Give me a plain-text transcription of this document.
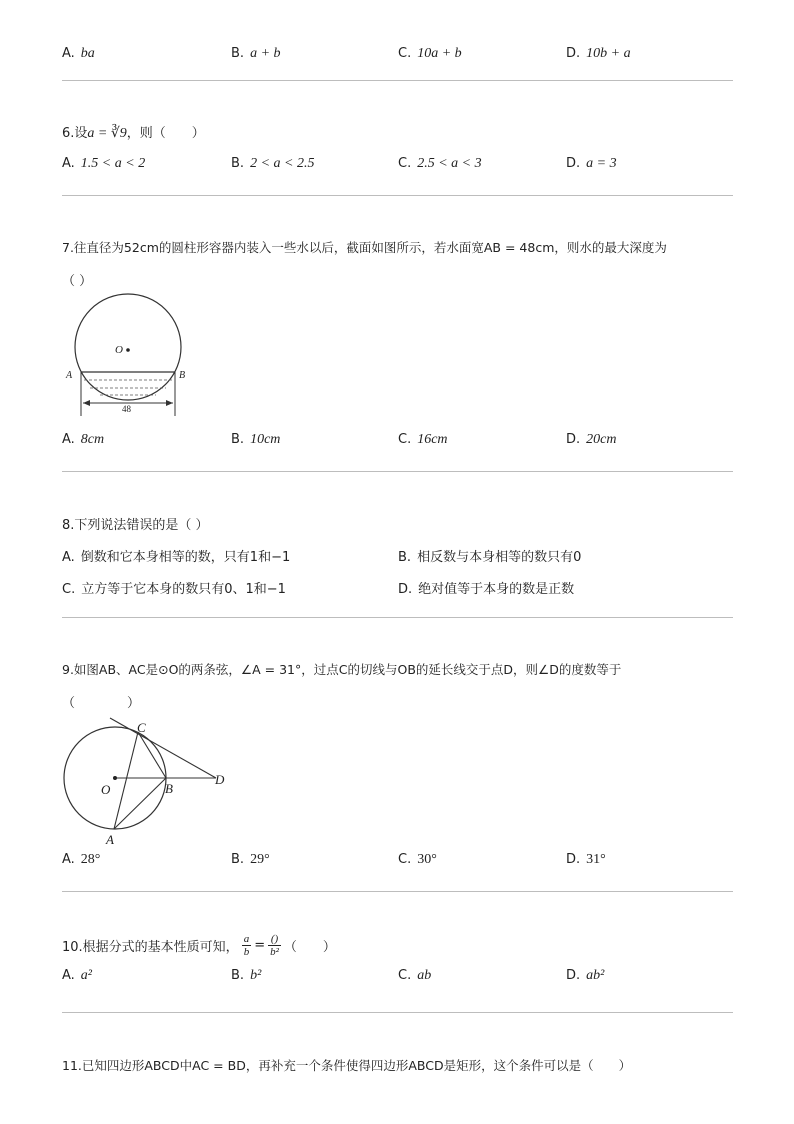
A. ba	B. a + b	C. 10a + b	D. 10b + a
6.设a = ∛9，则（　　）
A. 1.5 < a < 2	B. 2 < a < 2.5	C. 2.5 < a < 3	D. a = 3
7.往直径为52cm的圆柱形容器内装入一些水以后，截面如图所示，若水面宽AB = 48cm，则水的最大深度为
（ ）
O
A	B
48
A. 8cm	B. 10cm	C. 16cm	D. 20cm
8.下列说法错误的是（ ）
A. 倒数和它本身相等的数，只有1和−1	B. 相反数与本身相等的数只有0
C. 立方等于它本身的数只有0、1和−1	D. 绝对值等于本身的数是正数
9.如图AB、AC是⊙O的两条弦，∠A = 31°，过点C的切线与OB的延长线交于点D，则∠D的度数等于
（　　　　）
C
O	B
D
A
A. 28°	B. 29°	C. 30°	D. 31°
10.根据分式的基本性质可知， $\frac{a}{b} = \frac{()}{\text{b²}}$ （　　）
A. a²	B. b²	C. ab	D. ab²
11.已知四边形ABCD中AC = BD，再补充一个条件使得四边形ABCD是矩形，这个条件可以是（　　）
